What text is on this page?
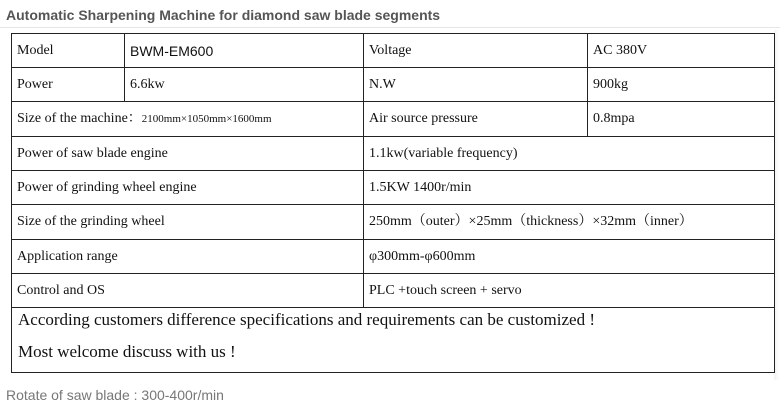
Automatic Sharpening Machine for diamond saw blade segments
Model	BWM-EM600	Voltage	AC 380V
Power	6.6kw	N.W	900kg
Size of the machine：2100mm×1050mm×1600mm		Air source pressure	0.8mpa
Power of saw blade engine		1.1kw(variable frequency)	
Power of grinding wheel engine		1.5KW 1400r/min	
Size of the grinding wheel		250mm（outer）×25mm（thickness）×32mm（inner）	
Application range		φ300mm-φ600mm	
Control and OS		PLC +touch screen + servo	

According customers difference specifications and requirements can be customized !
Most welcome discuss with us !			
Rotate of saw blade : 300-400r/min
